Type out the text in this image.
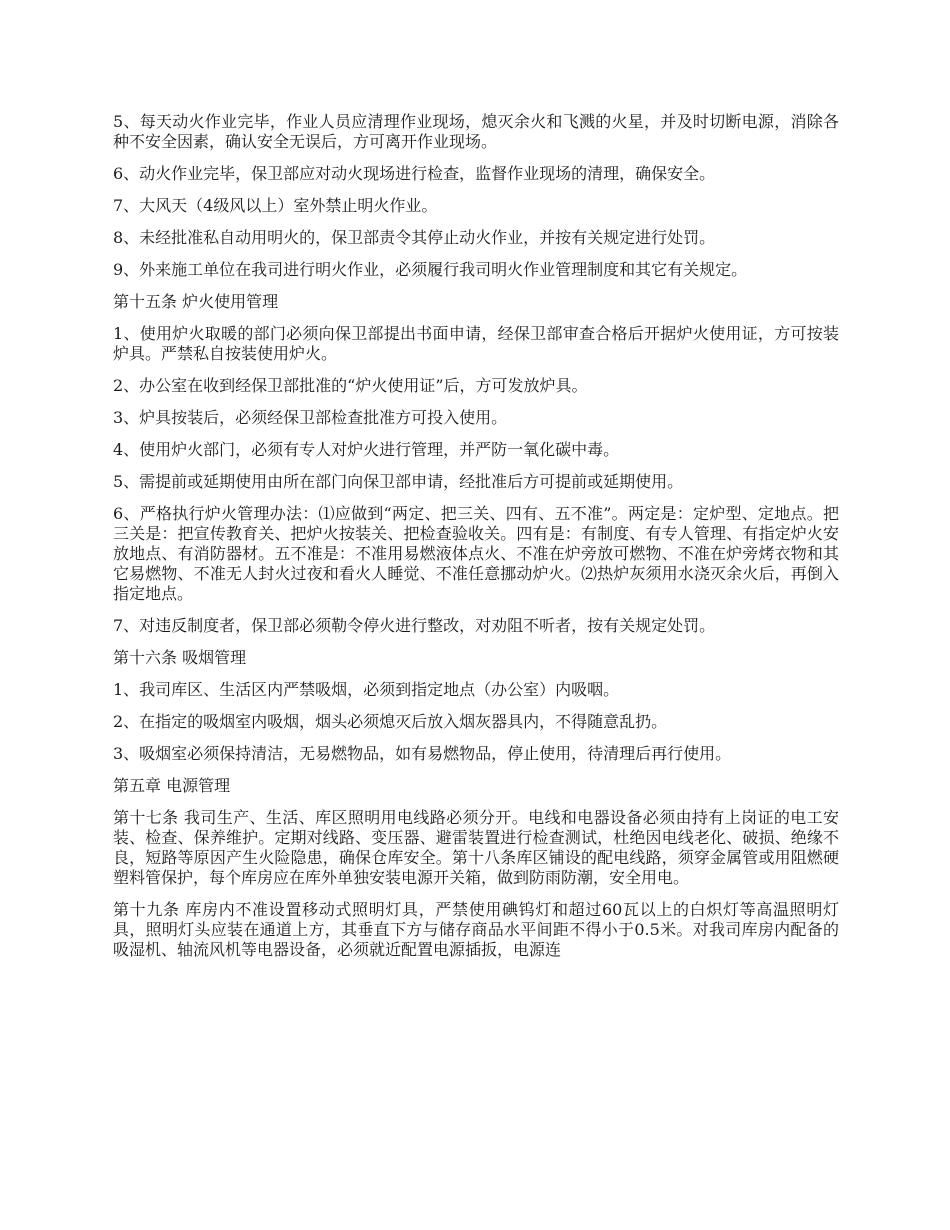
5、每天动火作业完毕，作业人员应清理作业现场，熄灭余火和飞溅的火星，并及时切断电源，消除各种不安全因素，确认安全无误后，方可离开作业现场。

6、动火作业完毕，保卫部应对动火现场进行检查，监督作业现场的清理，确保安全。

7、大风天（4级风以上）室外禁止明火作业。

8、未经批准私自动用明火的，保卫部责令其停止动火作业，并按有关规定进行处罚。

9、外来施工单位在我司进行明火作业，必须履行我司明火作业管理制度和其它有关规定。

第十五条 炉火使用管理

1、使用炉火取暖的部门必须向保卫部提出书面申请，经保卫部审查合格后开据炉火使用证，方可按装炉具。严禁私自按装使用炉火。

2、办公室在收到经保卫部批准的“炉火使用证”后，方可发放炉具。

3、炉具按装后，必须经保卫部检查批准方可投入使用。

4、使用炉火部门，必须有专人对炉火进行管理，并严防一氧化碳中毒。

5、需提前或延期使用由所在部门向保卫部申请，经批准后方可提前或延期使用。

6、严格执行炉火管理办法：⑴应做到“两定、把三关、四有、五不准”。两定是：定炉型、定地点。把三关是：把宣传教育关、把炉火按装关、把检查验收关。四有是：有制度、有专人管理、有指定炉火安放地点、有消防器材。五不准是：不准用易燃液体点火、不准在炉旁放可燃物、不准在炉旁烤衣物和其它易燃物、不准无人封火过夜和看火人睡觉、不准任意挪动炉火。⑵热炉灰须用水浇灭余火后，再倒入指定地点。

7、对违反制度者，保卫部必须勒令停火进行整改，对劝阻不听者，按有关规定处罚。

第十六条 吸烟管理

1、我司库区、生活区内严禁吸烟，必须到指定地点（办公室）内吸咽。

2、在指定的吸烟室内吸烟，烟头必须熄灭后放入烟灰器具内，不得随意乱扔。

3、吸烟室必须保持清洁，无易燃物品，如有易燃物品，停止使用，待清理后再行使用。

第五章 电源管理

第十七条 我司生产、生活、库区照明用电线路必须分开。电线和电器设备必须由持有上岗证的电工安装、检查、保养维护。定期对线路、变压器、避雷装置进行检查测试，杜绝因电线老化、破损、绝缘不良，短路等原因产生火险隐患，确保仓库安全。第十八条库区铺设的配电线路，须穿金属管或用阻燃硬塑料管保护，每个库房应在库外单独安装电源开关箱，做到防雨防潮，安全用电。

第十九条 库房内不准设置移动式照明灯具，严禁使用碘钨灯和超过60瓦以上的白炽灯等高温照明灯具，照明灯头应装在通道上方，其垂直下方与储存商品水平间距不得小于0.5米。对我司库房内配备的吸湿机、轴流风机等电器设备，必须就近配置电源插扳，电源连
